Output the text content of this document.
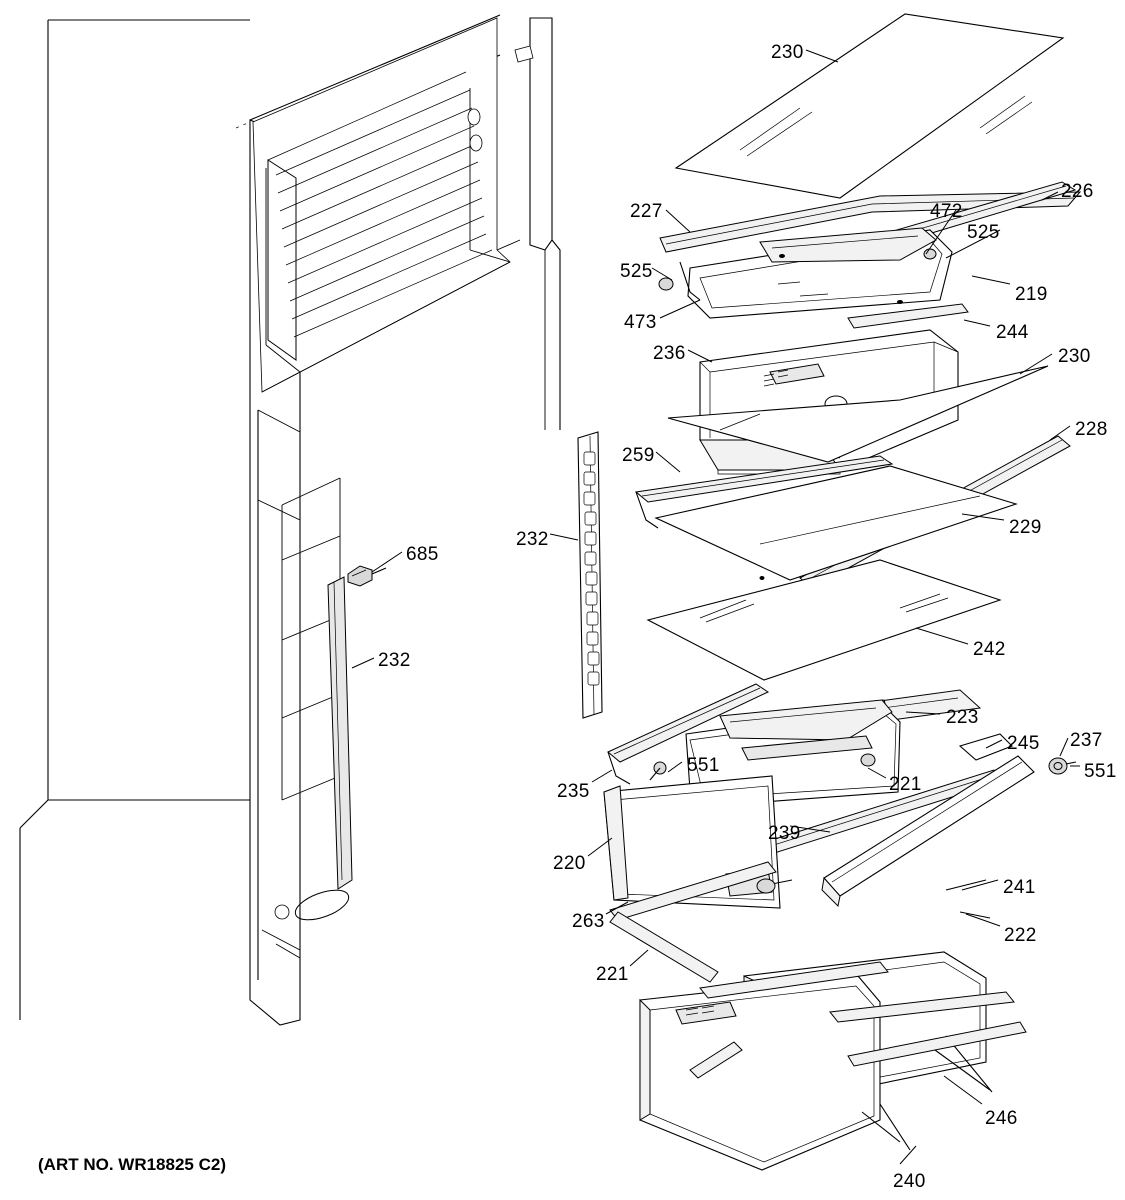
230
226
227	472
525
219
525
473	244
236	230
228
259
232
229
685
242
232
223
245 237
551	551
221
235
239
220
241
263
222
221
246
240
(ART NO. WR18825 C2)
